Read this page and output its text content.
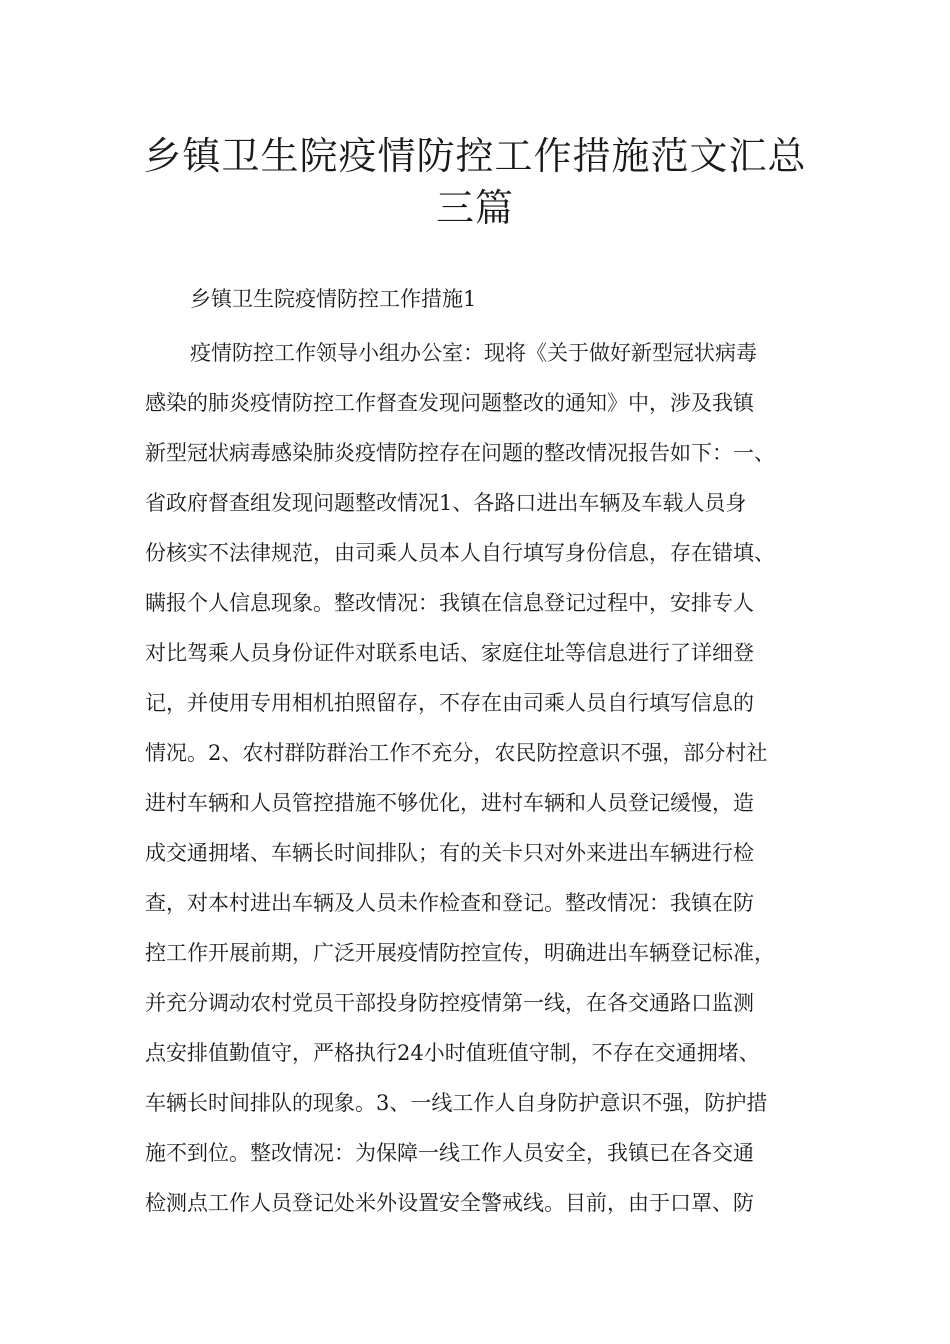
乡镇卫生院疫情防控工作措施范文汇总
三篇
乡镇卫生院疫情防控工作措施1
疫情防控工作领导小组办公室：现将《关于做好新型冠状病毒
感染的肺炎疫情防控工作督查发现问题整改的通知》中，涉及我镇
新型冠状病毒感染肺炎疫情防控存在问题的整改情况报告如下：一、
省政府督查组发现问题整改情况1、各路口进出车辆及车载人员身
份核实不法律规范，由司乘人员本人自行填写身份信息，存在错填、
瞒报个人信息现象。整改情况：我镇在信息登记过程中，安排专人
对比驾乘人员身份证件对联系电话、家庭住址等信息进行了详细登
记，并使用专用相机拍照留存，不存在由司乘人员自行填写信息的
情况。2、农村群防群治工作不充分，农民防控意识不强，部分村社
进村车辆和人员管控措施不够优化，进村车辆和人员登记缓慢，造
成交通拥堵、车辆长时间排队；有的关卡只对外来进出车辆进行检
查，对本村进出车辆及人员未作检查和登记。整改情况：我镇在防
控工作开展前期，广泛开展疫情防控宣传，明确进出车辆登记标准，
并充分调动农村党员干部投身防控疫情第一线，在各交通路口监测
点安排值勤值守，严格执行24小时值班值守制，不存在交通拥堵、
车辆长时间排队的现象。3、一线工作人自身防护意识不强，防护措
施不到位。整改情况：为保障一线工作人员安全，我镇已在各交通
检测点工作人员登记处米外设置安全警戒线。目前，由于口罩、防
